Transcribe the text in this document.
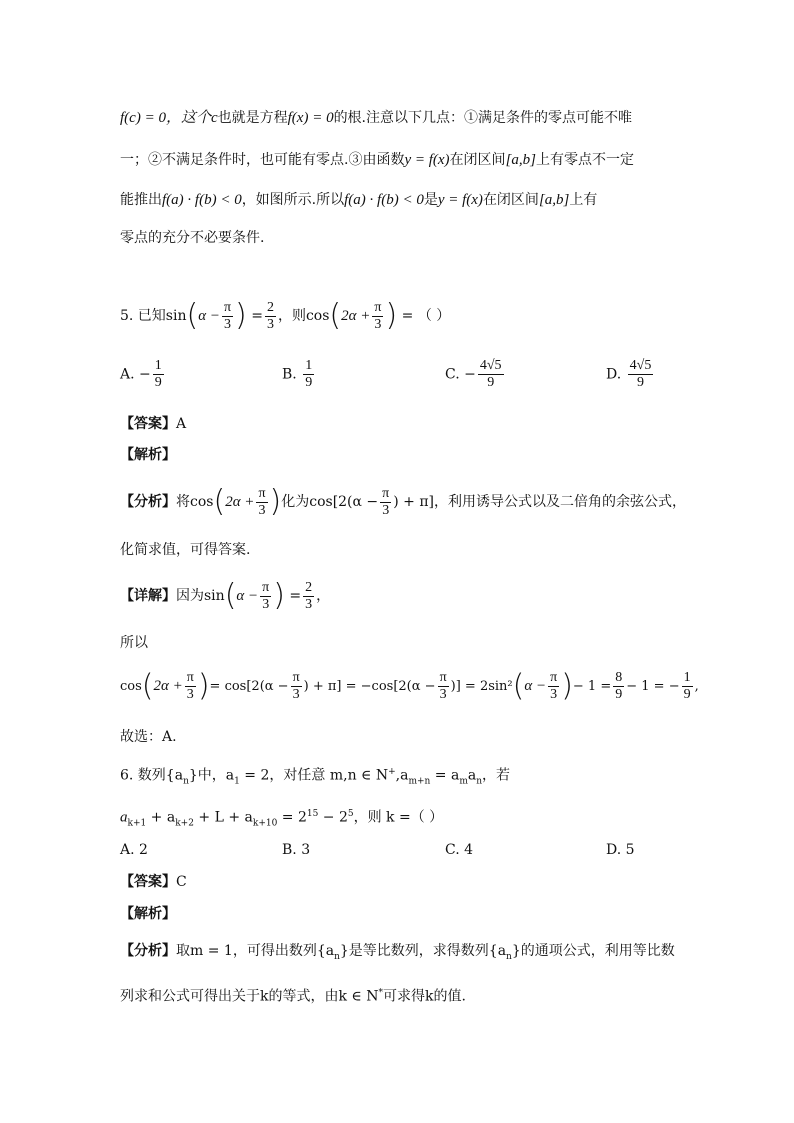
f(c) = 0，这个c也就是方程f(x) = 0的根.注意以下几点：①满足条件的零点可能不唯
一；②不满足条件时，也可能有零点.③由函数y = f(x)在闭区间[a,b]上有零点不一定
能推出f(a) · f(b) < 0，如图所示.所以f(a) · f(b) < 0是y = f(x)在闭区间[a,b]上有
零点的充分不必要条件.
5. 已知$\sin(\alpha - \frac{\pi}{3}$ ) = $\frac{2}{3}$ ，则$\cos(2\alpha + \frac{\pi}{3}$ ) = （ ）
A. − $\frac{1}{9}$	B. $\frac{1}{9}$	C. − $\frac{4√5}{9}$	D. $\frac{4√5}{9}$
【答案】A
【解析】
【分析】将$\cos(2\alpha + \frac{\pi}{3}$ )化为$\cos[2(\alpha - \frac{\pi}{3}$ ) + π]，利用诱导公式以及二倍角的余弦公式，
化简求值，可得答案.
【详解】因为$\sin(\alpha - \frac{\pi}{3}$ ) = $\frac{2}{3}$ ，
所以
$\cos(2\alpha + \frac{\pi}{3}$ )= $\cos[2(\alpha - \frac{\pi}{3}$ ) + $\pi] = -\cos[2(\alpha - \frac{\pi}{3}$ )] = $2\sin^2(\alpha - \frac{\pi}{3}$ )− $1 = \frac{8}{9} - 1$ = − $\frac{1}{9}$ ,
故选：A.
6. 数列$\{a_n\}$中，$a_1 = 2$，对任意 m,n ∈ $N^+,a_{m+n} = a_ma_n$，若
$a_{k+1} + a_{k+2} + L + a_{k+10} = 2^{15} - 2^5$，则 k =（ ）
A. 2	B. 3	C. 4	D. 5
【答案】C
【解析】
【分析】取m = 1，可得出数列$\{a_n\}$是等比数列，求得数列$\{a_n\}$的通项公式，利用等比数
列求和公式可得出关于k的等式，由k ∈ N*可求得k的值.
